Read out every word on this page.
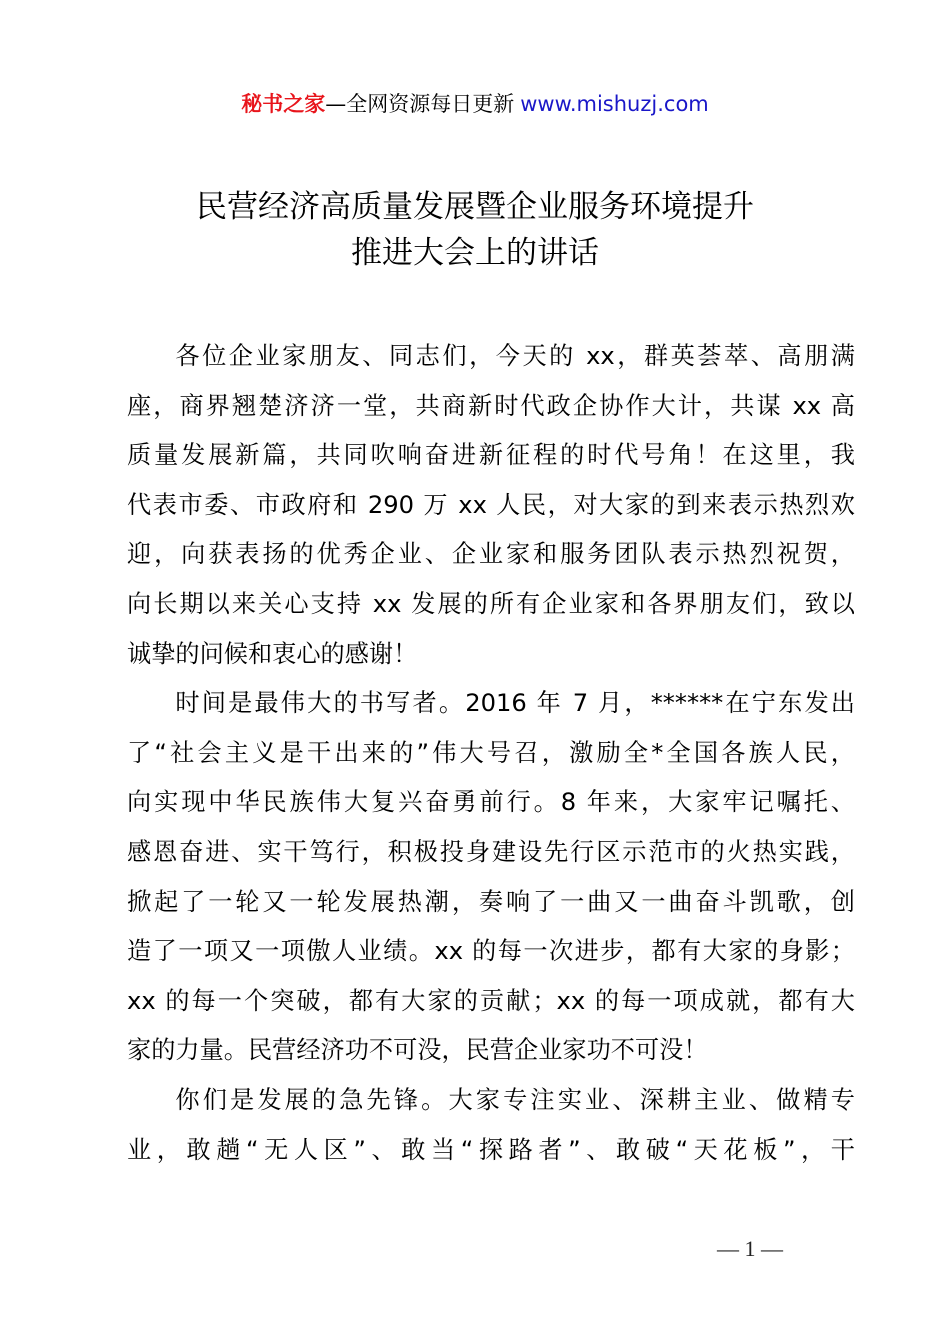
秘书之家—全网资源每日更新 www.mishuzj.com
民营经济高质量发展暨企业服务环境提升
推进大会上的讲话

各位企业家朋友、同志们，今天的 xx，群英荟萃、高朋满
座，商界翘楚济济一堂，共商新时代政企协作大计，共谋 xx 高
质量发展新篇，共同吹响奋进新征程的时代号角！在这里，我
代表市委、市政府和 290 万 xx 人民，对大家的到来表示热烈欢
迎，向获表扬的优秀企业、企业家和服务团队表示热烈祝贺，
向长期以来关心支持 xx 发展的所有企业家和各界朋友们，致以
诚挚的问候和衷心的感谢！

时间是最伟大的书写者。2016 年 7 月，******在宁东发出
了“社会主义是干出来的”伟大号召，激励全*全国各族人民，
向实现中华民族伟大复兴奋勇前行。8 年来，大家牢记嘱托、
感恩奋进、实干笃行，积极投身建设先行区示范市的火热实践，
掀起了一轮又一轮发展热潮，奏响了一曲又一曲奋斗凯歌，创
造了一项又一项傲人业绩。xx 的每一次进步，都有大家的身影；
xx 的每一个突破，都有大家的贡献；xx 的每一项成就，都有大
家的力量。民营经济功不可没，民营企业家功不可没！

你们是发展的急先锋。大家专注实业、深耕主业、做精专
业，敢趟“无人区”、敢当“探路者”、敢破“天花板”，干

— 1 —
